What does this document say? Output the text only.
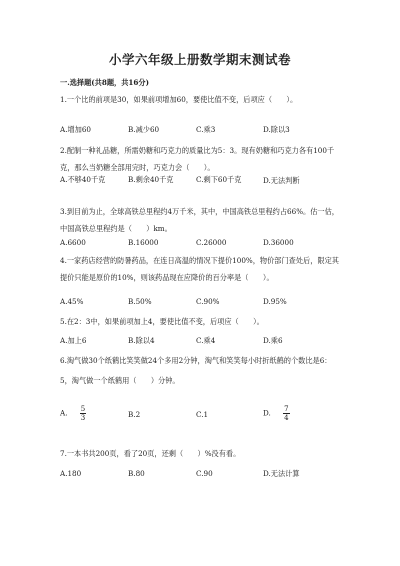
小学六年级上册数学期末测试卷
一.选择题(共8题，共16分)
1.一个比的前项是30，如果前项增加60，要使比值不变，后项应（　　）。
A.增加60	B.减少60	C.乘3	D.除以3
2.配制一种礼品糖，所需奶糖和巧克力的质量比为5：3。现有奶糖和巧克力各有100千克，那么当奶糖全部用完时，巧克力会（　　）。
A.不够40千克	B.剩余40千克	C.剩下60千克	D.无法判断
3.到目前为止，全球高铁总里程约4万千米，其中，中国高铁总里程约占66%。估一估，中国高铁总里程约是（　　）km。
A.6600	B.16000	C.26000	D.36000
4.一家药店经营的防暑药品，在连日高温的情况下提价100%，物价部门查处后，限定其提价只能是原价的10%，则该药品现在应降价的百分率是（　　）。
A.45%	B.50%	C.90%	D.95%
5.在2：3中，如果前项加上4，要使比值不变，后项应（　　）。
A.加上6	B.除以4	C.乘4	D.乘6
6.淘气做30个纸鹤比笑笑做24个多用2分钟，淘气和笑笑每小时折纸鹤的个数比是6：5，淘气做一个纸鹤用（　　）分钟。
A. $\frac{5}{3}$	B.2	C.1	D. $\frac{7}{4}$
7.一本书共200页，看了20页，还剩（　　）%没有看。
A.180	B.80	C.90	D.无法计算
